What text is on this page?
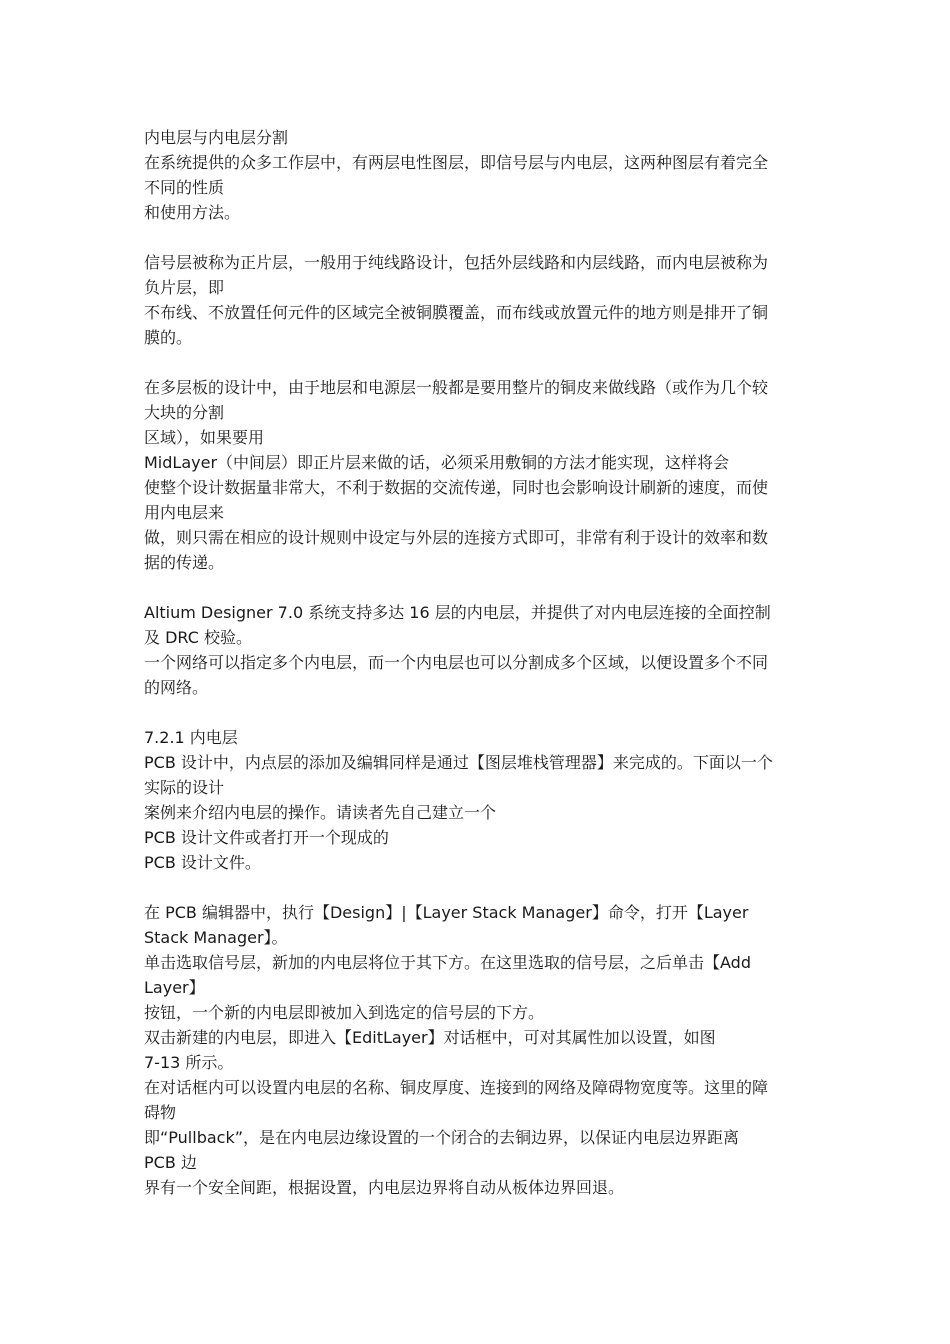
内电层与内电层分割
在系统提供的众多工作层中，有两层电性图层，即信号层与内电层，这两种图层有着完全
不同的性质
和使用方法。
信号层被称为正片层，一般用于纯线路设计，包括外层线路和内层线路，而内电层被称为
负片层，即
不布线、不放置任何元件的区域完全被铜膜覆盖，而布线或放置元件的地方则是排开了铜
膜的。
在多层板的设计中，由于地层和电源层一般都是要用整片的铜皮来做线路（或作为几个较
大块的分割
区域），如果要用
MidLayer（中间层）即正片层来做的话，必须采用敷铜的方法才能实现，这样将会
使整个设计数据量非常大，不利于数据的交流传递，同时也会影响设计刷新的速度，而使
用内电层来
做，则只需在相应的设计规则中设定与外层的连接方式即可，非常有利于设计的效率和数
据的传递。
Altium Designer 7.0 系统支持多达 16 层的内电层，并提供了对内电层连接的全面控制
及 DRC 校验。
一个网络可以指定多个内电层，而一个内电层也可以分割成多个区域，以便设置多个不同
的网络。
7.2.1 内电层
PCB 设计中，内点层的添加及编辑同样是通过【图层堆栈管理器】来完成的。下面以一个
实际的设计
案例来介绍内电层的操作。请读者先自己建立一个
PCB 设计文件或者打开一个现成的
PCB 设计文件。
在 PCB 编辑器中，执行【Design】|【Layer Stack Manager】命令，打开【Layer
Stack Manager】。
单击选取信号层，新加的内电层将位于其下方。在这里选取的信号层，之后单击【Add
Layer】
按钮，一个新的内电层即被加入到选定的信号层的下方。
双击新建的内电层，即进入【EditLayer】对话框中，可对其属性加以设置，如图
7-13 所示。
在对话框内可以设置内电层的名称、铜皮厚度、连接到的网络及障碍物宽度等。这里的障
碍物
即“Pullback”，是在内电层边缘设置的一个闭合的去铜边界，以保证内电层边界距离
PCB 边
界有一个安全间距，根据设置，内电层边界将自动从板体边界回退。
